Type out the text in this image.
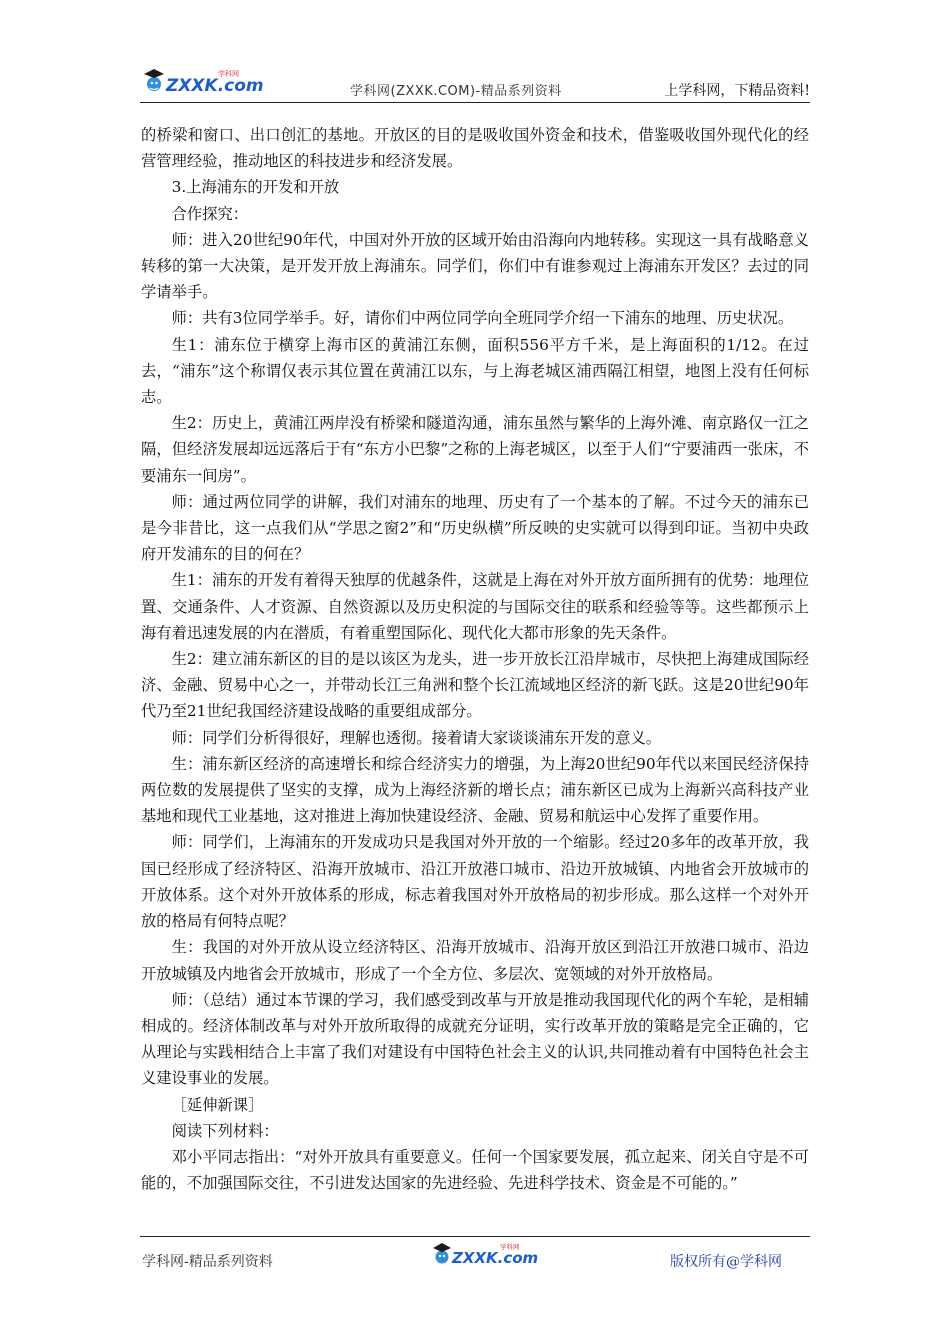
ZXXK.com
学科网
学科网(ZXXK.COM)-精品系列资料	上学科网，下精品资料!

的桥梁和窗口、出口创汇的基地。开放区的目的是吸收国外资金和技术，借鉴吸收国外现代化的经营管理经验，推动地区的科技进步和经济发展。

3.上海浦东的开发和开放

合作探究：

师：进入20世纪90年代，中国对外开放的区域开始由沿海向内地转移。实现这一具有战略意义转移的第一大决策，是开发开放上海浦东。同学们，你们中有谁参观过上海浦东开发区？去过的同学请举手。

师：共有3位同学举手。好，请你们中两位同学向全班同学介绍一下浦东的地理、历史状况。

生1：浦东位于横穿上海市区的黄浦江东侧，面积556平方千米，是上海面积的1/12。在过去，“浦东”这个称谓仅表示其位置在黄浦江以东，与上海老城区浦西隔江相望，地图上没有任何标志。

生2：历史上，黄浦江两岸没有桥梁和隧道沟通，浦东虽然与繁华的上海外滩、南京路仅一江之隔，但经济发展却远远落后于有“东方小巴黎”之称的上海老城区，以至于人们“宁要浦西一张床，不要浦东一间房”。

师：通过两位同学的讲解，我们对浦东的地理、历史有了一个基本的了解。不过今天的浦东已是今非昔比，这一点我们从“学思之窗2”和“历史纵横”所反映的史实就可以得到印证。当初中央政府开发浦东的目的何在？

生1：浦东的开发有着得天独厚的优越条件，这就是上海在对外开放方面所拥有的优势：地理位置、交通条件、人才资源、自然资源以及历史积淀的与国际交往的联系和经验等等。这些都预示上海有着迅速发展的内在潜质，有着重塑国际化、现代化大都市形象的先天条件。

生2：建立浦东新区的目的是以该区为龙头，进一步开放长江沿岸城市，尽快把上海建成国际经济、金融、贸易中心之一，并带动长江三角洲和整个长江流域地区经济的新飞跃。这是20世纪90年代乃至21世纪我国经济建设战略的重要组成部分。

师：同学们分析得很好，理解也透彻。接着请大家谈谈浦东开发的意义。

生：浦东新区经济的高速增长和综合经济实力的增强，为上海20世纪90年代以来国民经济保持两位数的发展提供了坚实的支撑，成为上海经济新的增长点；浦东新区已成为上海新兴高科技产业基地和现代工业基地，这对推进上海加快建设经济、金融、贸易和航运中心发挥了重要作用。

师：同学们，上海浦东的开发成功只是我国对外开放的一个缩影。经过20多年的改革开放，我国已经形成了经济特区、沿海开放城市、沿江开放港口城市、沿边开放城镇、内地省会开放城市的开放体系。这个对外开放体系的形成，标志着我国对外开放格局的初步形成。那么这样一个对外开放的格局有何特点呢？

生：我国的对外开放从设立经济特区、沿海开放城市、沿海开放区到沿江开放港口城市、沿边开放城镇及内地省会开放城市，形成了一个全方位、多层次、宽领域的对外开放格局。

师：（总结）通过本节课的学习，我们感受到改革与开放是推动我国现代化的两个车轮，是相辅相成的。经济体制改革与对外开放所取得的成就充分证明，实行改革开放的策略是完全正确的，它从理论与实践相结合上丰富了我们对建设有中国特色社会主义的认识,共同推动着有中国特色社会主义建设事业的发展。

［延伸新课］

阅读下列材料：

邓小平同志指出：“对外开放具有重要意义。任何一个国家要发展，孤立起来、闭关自守是不可能的，不加强国际交往，不引进发达国家的先进经验、先进科学技术、资金是不可能的。”

学科网-精品系列资料	ZXXK.com
学科网
版权所有@学科网
